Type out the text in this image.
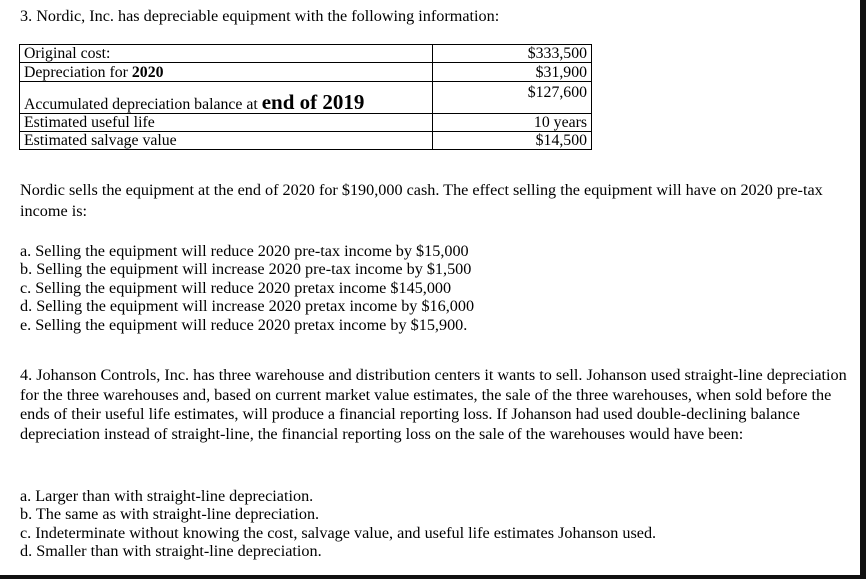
3. Nordic, Inc. has depreciable equipment with the following information:
Original cost:	$333,500
Depreciation for 2020	$31,900
Accumulated depreciation balance at end of 2019	$127,600
Estimated useful life	10 years
Estimated salvage value	$14,500
Nordic sells the equipment at the end of 2020 for $190,000 cash. The effect selling the equipment will have on 2020 pre-tax income is:
a. Selling the equipment will reduce 2020 pre-tax income by $15,000
b. Selling the equipment will increase 2020 pre-tax income by $1,500
c. Selling the equipment will reduce 2020 pretax income $145,000
d. Selling the equipment will increase 2020 pretax income by $16,000
e. Selling the equipment will reduce 2020 pretax income by $15,900.
4. Johanson Controls, Inc. has three warehouse and distribution centers it wants to sell. Johanson used straight-line depreciation for the three warehouses and, based on current market value estimates, the sale of the three warehouses, when sold before the ends of their useful life estimates, will produce a financial reporting loss. If Johanson had used double-declining balance depreciation instead of straight-line, the financial reporting loss on the sale of the warehouses would have been:
a. Larger than with straight-line depreciation.
b. The same as with straight-line depreciation.
c. Indeterminate without knowing the cost, salvage value, and useful life estimates Johanson used.
d. Smaller than with straight-line depreciation.
